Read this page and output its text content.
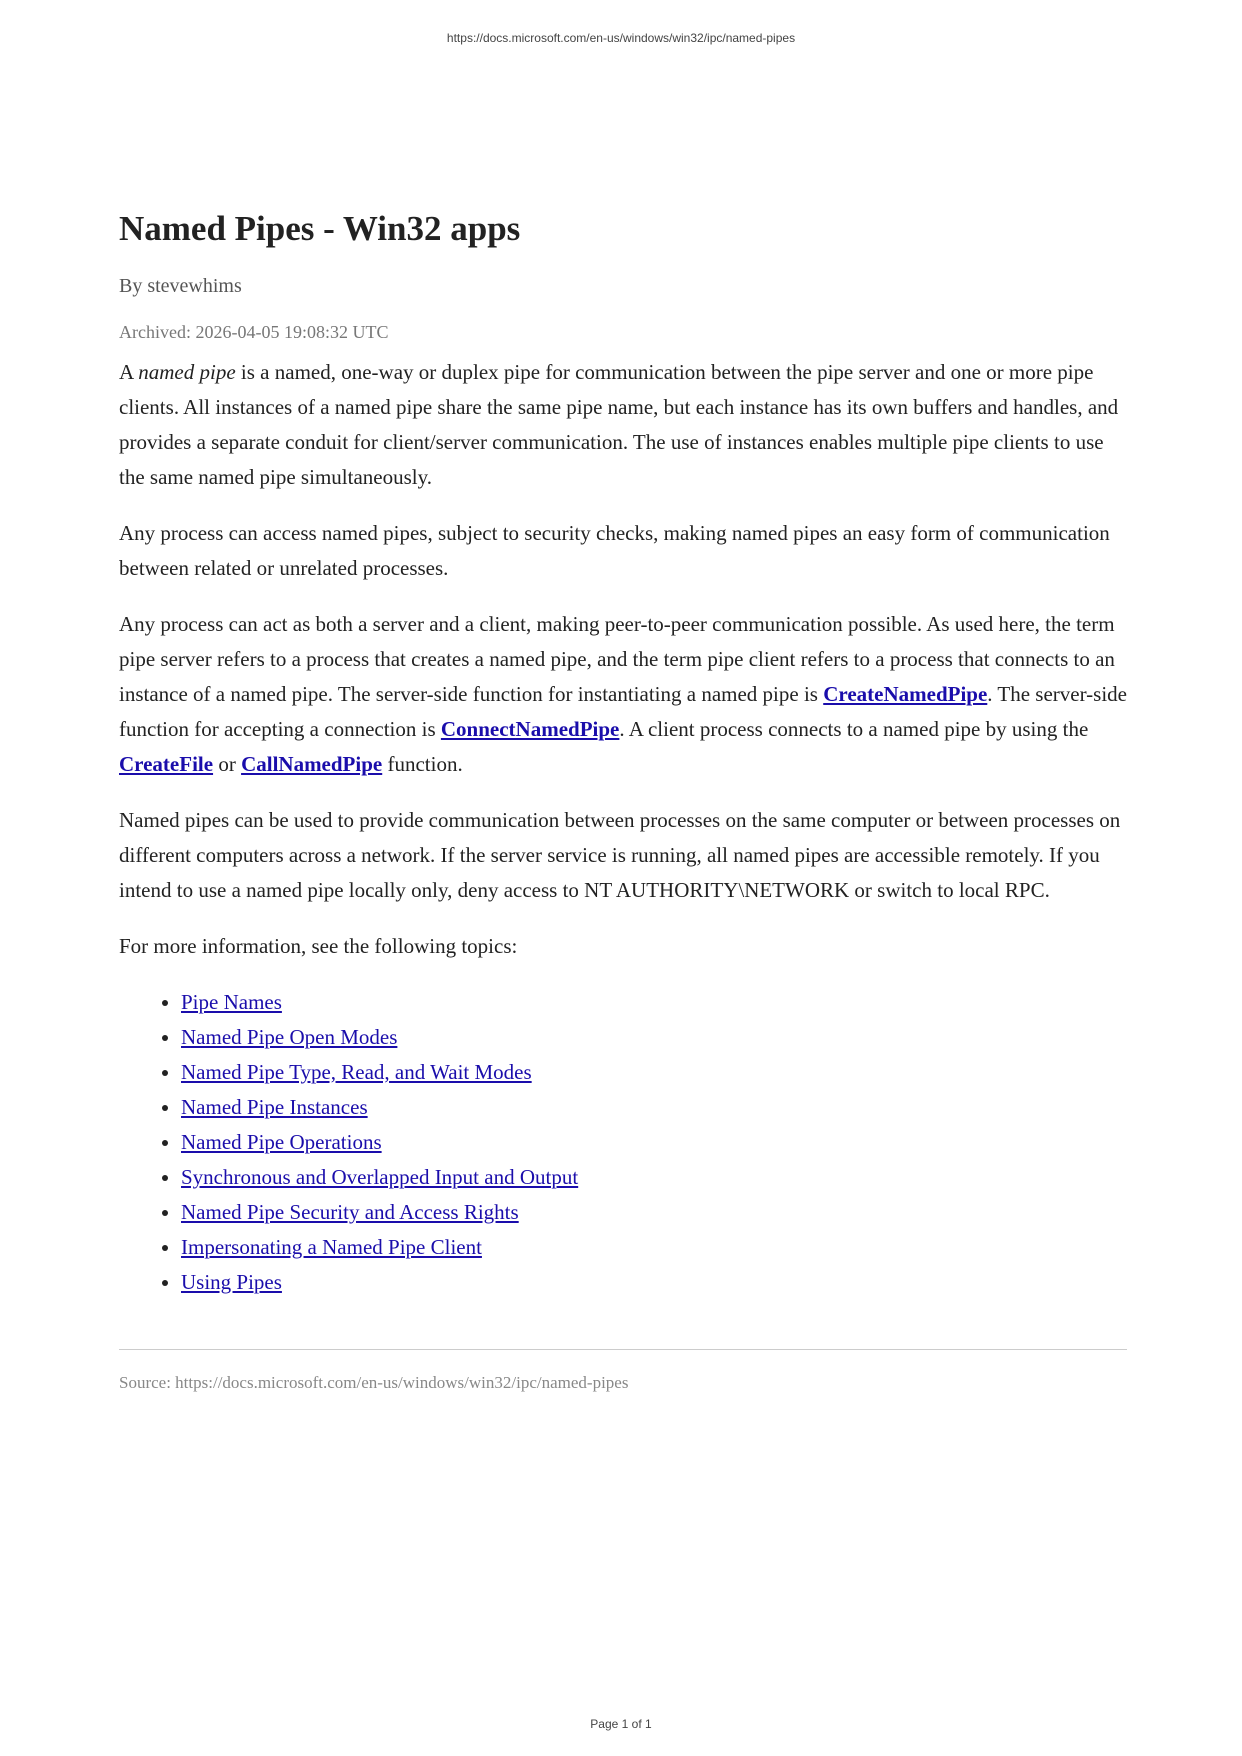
https://docs.microsoft.com/en-us/windows/win32/ipc/named-pipes
Named Pipes - Win32 apps
By stevewhims
Archived: 2026-04-05 19:08:32 UTC

A named pipe is a named, one-way or duplex pipe for communication between the pipe server and one or more pipe clients. All instances of a named pipe share the same pipe name, but each instance has its own buffers and handles, and provides a separate conduit for client/server communication. The use of instances enables multiple pipe clients to use the same named pipe simultaneously.

Any process can access named pipes, subject to security checks, making named pipes an easy form of communication between related or unrelated processes.

Any process can act as both a server and a client, making peer-to-peer communication possible. As used here, the term pipe server refers to a process that creates a named pipe, and the term pipe client refers to a process that connects to an instance of a named pipe. The server-side function for instantiating a named pipe is CreateNamedPipe. The server-side function for accepting a connection is ConnectNamedPipe. A client process connects to a named pipe by using the CreateFile or CallNamedPipe function.

Named pipes can be used to provide communication between processes on the same computer or between processes on different computers across a network. If the server service is running, all named pipes are accessible remotely. If you intend to use a named pipe locally only, deny access to NT AUTHORITY\NETWORK or switch to local RPC.

For more information, see the following topics:

• Pipe Names
• Named Pipe Open Modes
• Named Pipe Type, Read, and Wait Modes
• Named Pipe Instances
• Named Pipe Operations
• Synchronous and Overlapped Input and Output
• Named Pipe Security and Access Rights
• Impersonating a Named Pipe Client
• Using Pipes
Source: https://docs.microsoft.com/en-us/windows/win32/ipc/named-pipes
Page 1 of 1
